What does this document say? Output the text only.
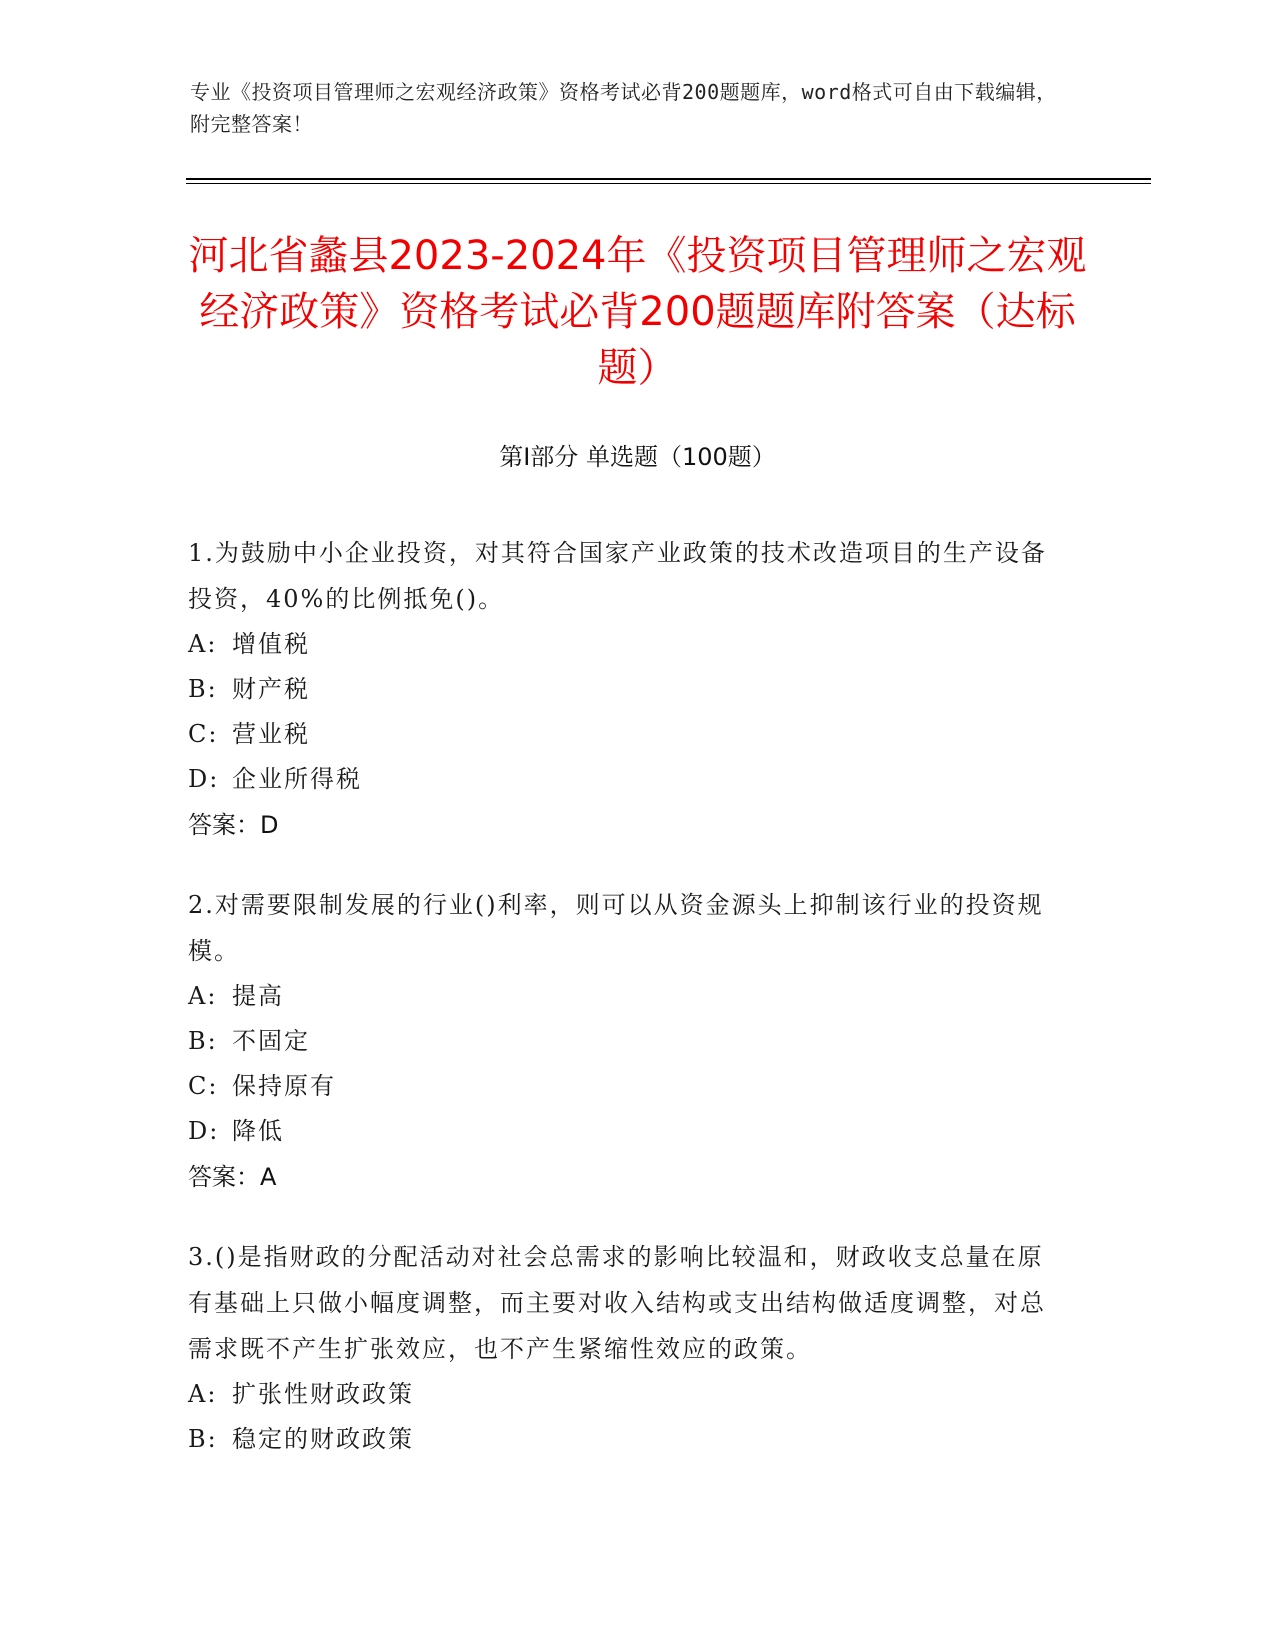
专业《投资项目管理师之宏观经济政策》资格考试必背200题题库，word格式可自由下载编辑，附完整答案！
河北省蠡县2023-2024年《投资项目管理师之宏观经济政策》资格考试必背200题题库附答案（达标题）
第I部分 单选题（100题）

1.为鼓励中小企业投资，对其符合国家产业政策的技术改造项目的生产设备投资，40%的比例抵免()。

A: 增值税
B: 财产税
C: 营业税
D: 企业所得税
答案：D

2.对需要限制发展的行业()利率，则可以从资金源头上抑制该行业的投资规模。

A: 提高
B: 不固定
C: 保持原有
D: 降低
答案：A

3.()是指财政的分配活动对社会总需求的影响比较温和，财政收支总量在原有基础上只做小幅度调整，而主要对收入结构或支出结构做适度调整，对总需求既不产生扩张效应，也不产生紧缩性效应的政策。

A: 扩张性财政政策
B: 稳定的财政政策
